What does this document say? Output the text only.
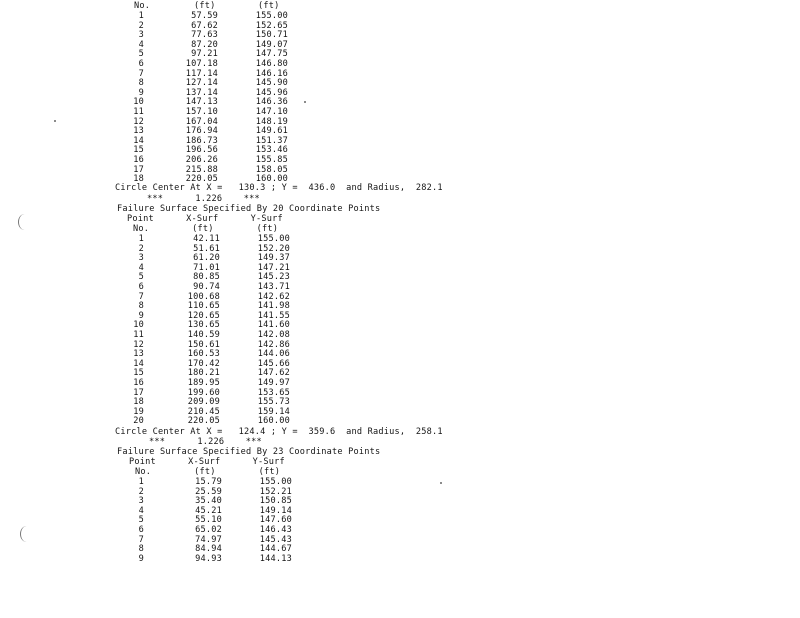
No.	(ft)	(ft)
1	57.59	155.00
2	67.62	152.65
3	77.63	150.71
4	87.20	149.07
5	97.21	147.75
6	107.18	146.80
7	117.14	146.16
8	127.14	145.90
9	137.14	145.96
10	147.13	146.36
11	157.10	147.10
12	167.04	148.19
13	176.94	149.61
14	186.73	151.37
15	196.56	153.46
16	206.26	155.85
17	215.88	158.05
18	220.05	160.00
Circle Center At X =   130.3 ; Y =  436.0  and Radius,  282.1
***      1.226    ***
Failure Surface Specified By 20 Coordinate Points
Point      X-Surf      Y-Surf
No.        (ft)        (ft)
1	42.11	155.00
2	51.61	152.20
3	61.20	149.37
4	71.01	147.21
5	80.85	145.23
6	90.74	143.71
7	100.68	142.62
8	110.65	141.98
9	120.65	141.55
10	130.65	141.60
11	140.59	142.08
12	150.61	142.86
13	160.53	144.06
14	170.42	145.66
15	180.21	147.62
16	189.95	149.97
17	199.60	153.65
18	209.09	155.73
19	210.45	159.14
20	220.05	160.00
Circle Center At X =   124.4 ; Y =  359.6  and Radius,  258.1
***      1.226    ***
Failure Surface Specified By 23 Coordinate Points
Point      X-Surf      Y-Surf
No.        (ft)        (ft)
1	15.79	155.00
2	25.59	152.21
3	35.40	150.85
4	45.21	149.14
5	55.10	147.60
6	65.02	146.43
7	74.97	145.43
8	84.94	144.67
9	94.93	144.13
